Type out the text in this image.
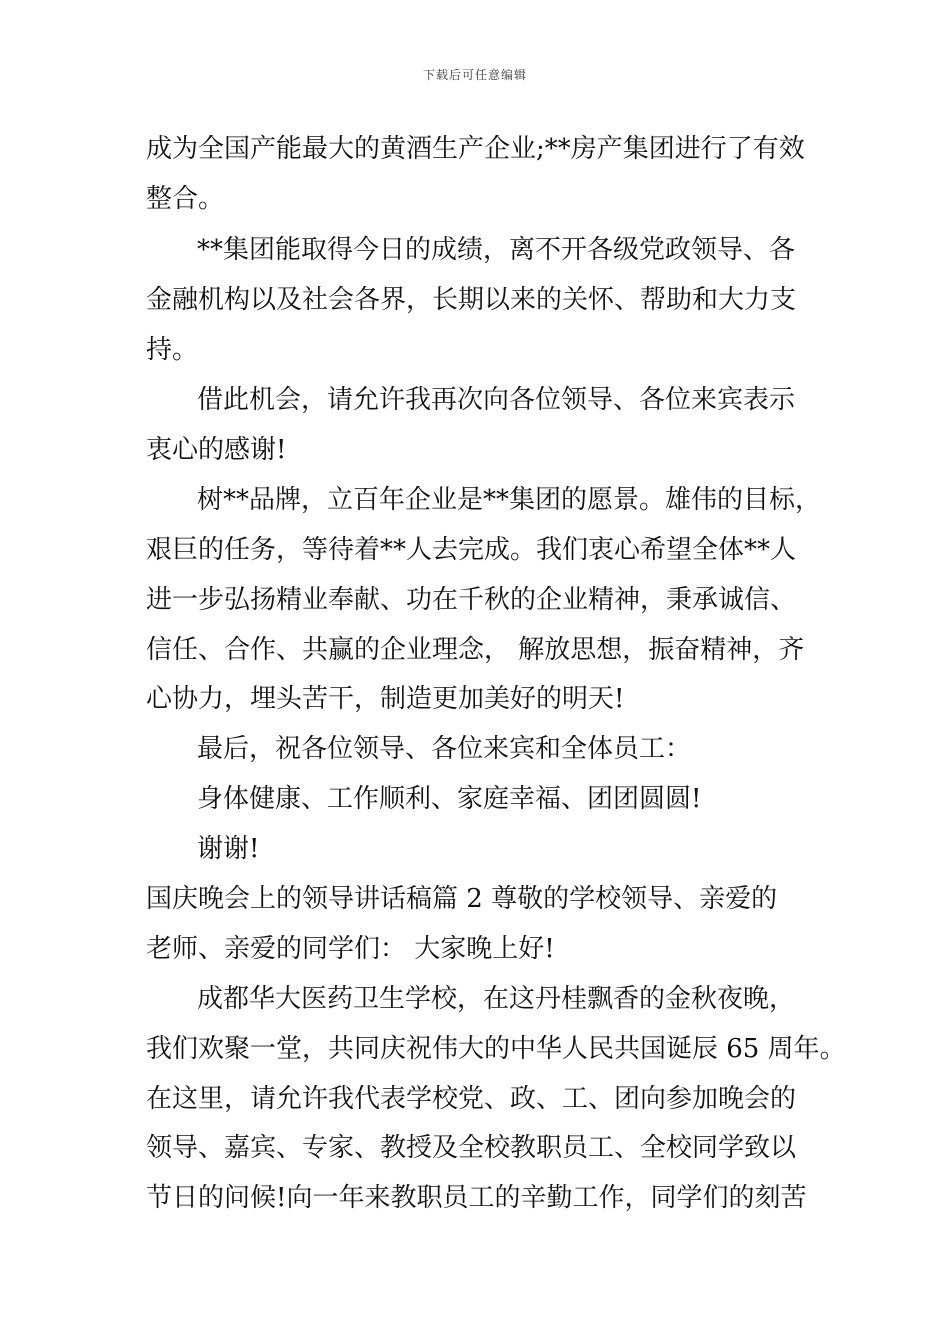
下载后可任意编辑
成为全国产能最大的黄酒生产企业;**房产集团进行了有效
整合。
**集团能取得今日的成绩，离不开各级党政领导、各
金融机构以及社会各界，长期以来的关怀、帮助和大力支
持。
借此机会，请允许我再次向各位领导、各位来宾表示
衷心的感谢!
树**品牌，立百年企业是**集团的愿景。雄伟的目标，
艰巨的任务，等待着**人去完成。我们衷心希望全体**人
进一步弘扬精业奉献、功在千秋的企业精神，秉承诚信、
信任、合作、共赢的企业理念， 解放思想，振奋精神，齐
心协力，埋头苦干，制造更加美好的明天!
最后，祝各位领导、各位来宾和全体员工：
身体健康、工作顺利、家庭幸福、团团圆圆!
谢谢!
国庆晚会上的领导讲话稿篇 2 尊敬的学校领导、亲爱的
老师、亲爱的同学们： 大家晚上好!
成都华大医药卫生学校，在这丹桂飘香的金秋夜晚，
我们欢聚一堂，共同庆祝伟大的中华人民共国诞辰 65 周年。
在这里，请允许我代表学校党、政、工、团向参加晚会的
领导、嘉宾、专家、教授及全校教职员工、全校同学致以
节日的问候!向一年来教职员工的辛勤工作，同学们的刻苦
